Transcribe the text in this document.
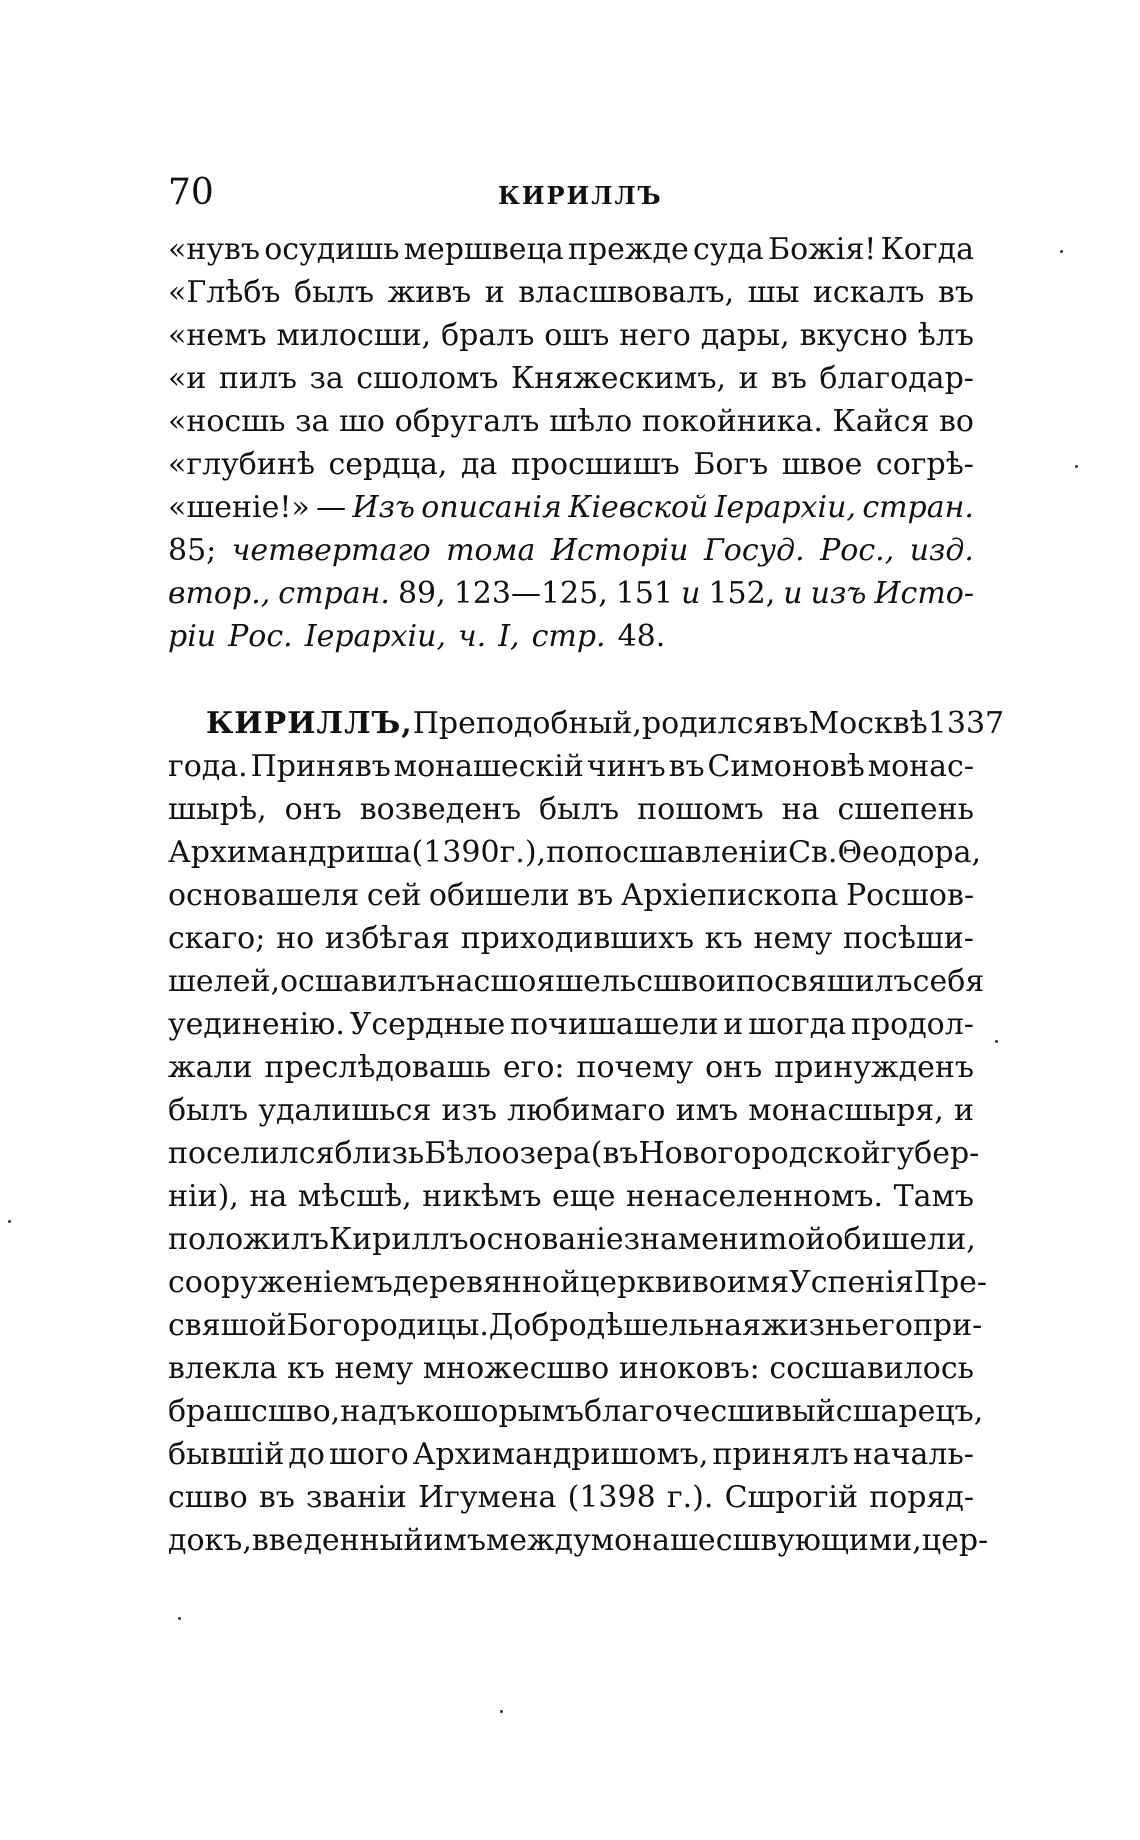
70	КИРИЛЛЪ
«нувъ осудишь мершвеца прежде суда Божія! Когда
«Глѣбъ былъ живъ и власшвовалъ, шы искалъ въ
«немъ милосши, бралъ ошъ него дары, вкусно ѣлъ
«и пилъ за сшоломъ Княжескимъ, и въ благодар-
«носшь за шо обругалъ шѣло покойника. Кайся во
«глубинѣ сердца, да просшишъ Богъ швое согрѣ-
«шеніе!» — Изъ описанія Кіевской Іерархіи, стран.
85; четвертаго тома Исторіи Госуд. Рос., изд.
втор., стран. 89, 123—125, 151 и 152, и изъ Исто-
ріи Рос. Іерархіи, ч. I, стр. 48.
КИРИЛЛЪ, Преподобный, родился въ Москвѣ 1337
года. Принявъ монашескій чинъ въ Симоновѣ монас-
шырѣ, онъ возведенъ былъ пошомъ на сшепень
Архимандриша (1390 г.), по посшавленіи Св. Θеодора,
основашеля сей обишели въ Архіепископа Росшов-
скаго; но избѣгая приходившихъ къ нему посѣши-
шелей, осшавилъ насшояшельсшво и посвяшилъ себя
уединенію. Усердные почишашели и шогда продол-
жали преслѣдовашь его: почему онъ принужденъ
былъ удалишься изъ любимаго имъ монасшыря, и
поселился близь Бѣлоозера (въ Новогородской губер-
ніи), на мѣсшѣ, никѣмъ еще ненаселенномъ. Тамъ
положилъ Кириллъ основаніе знамениmой обишели,
сооруженіемъ деревянной церкви во имя Успенія Пре-
свяшой Богородицы. Добродѣшельная жизнь его при-
влекла къ нему множесшво иноковъ: сосшавилось
брашсшво, надъ кошорымъ благочесшивый сшарецъ,
бывшій до шого Архимандришомъ, принялъ началь-
сшво въ званіи Игумена (1398 г.). Сшрогій поряд-
докъ, введенный имъ между монашесшвующими, цер-
